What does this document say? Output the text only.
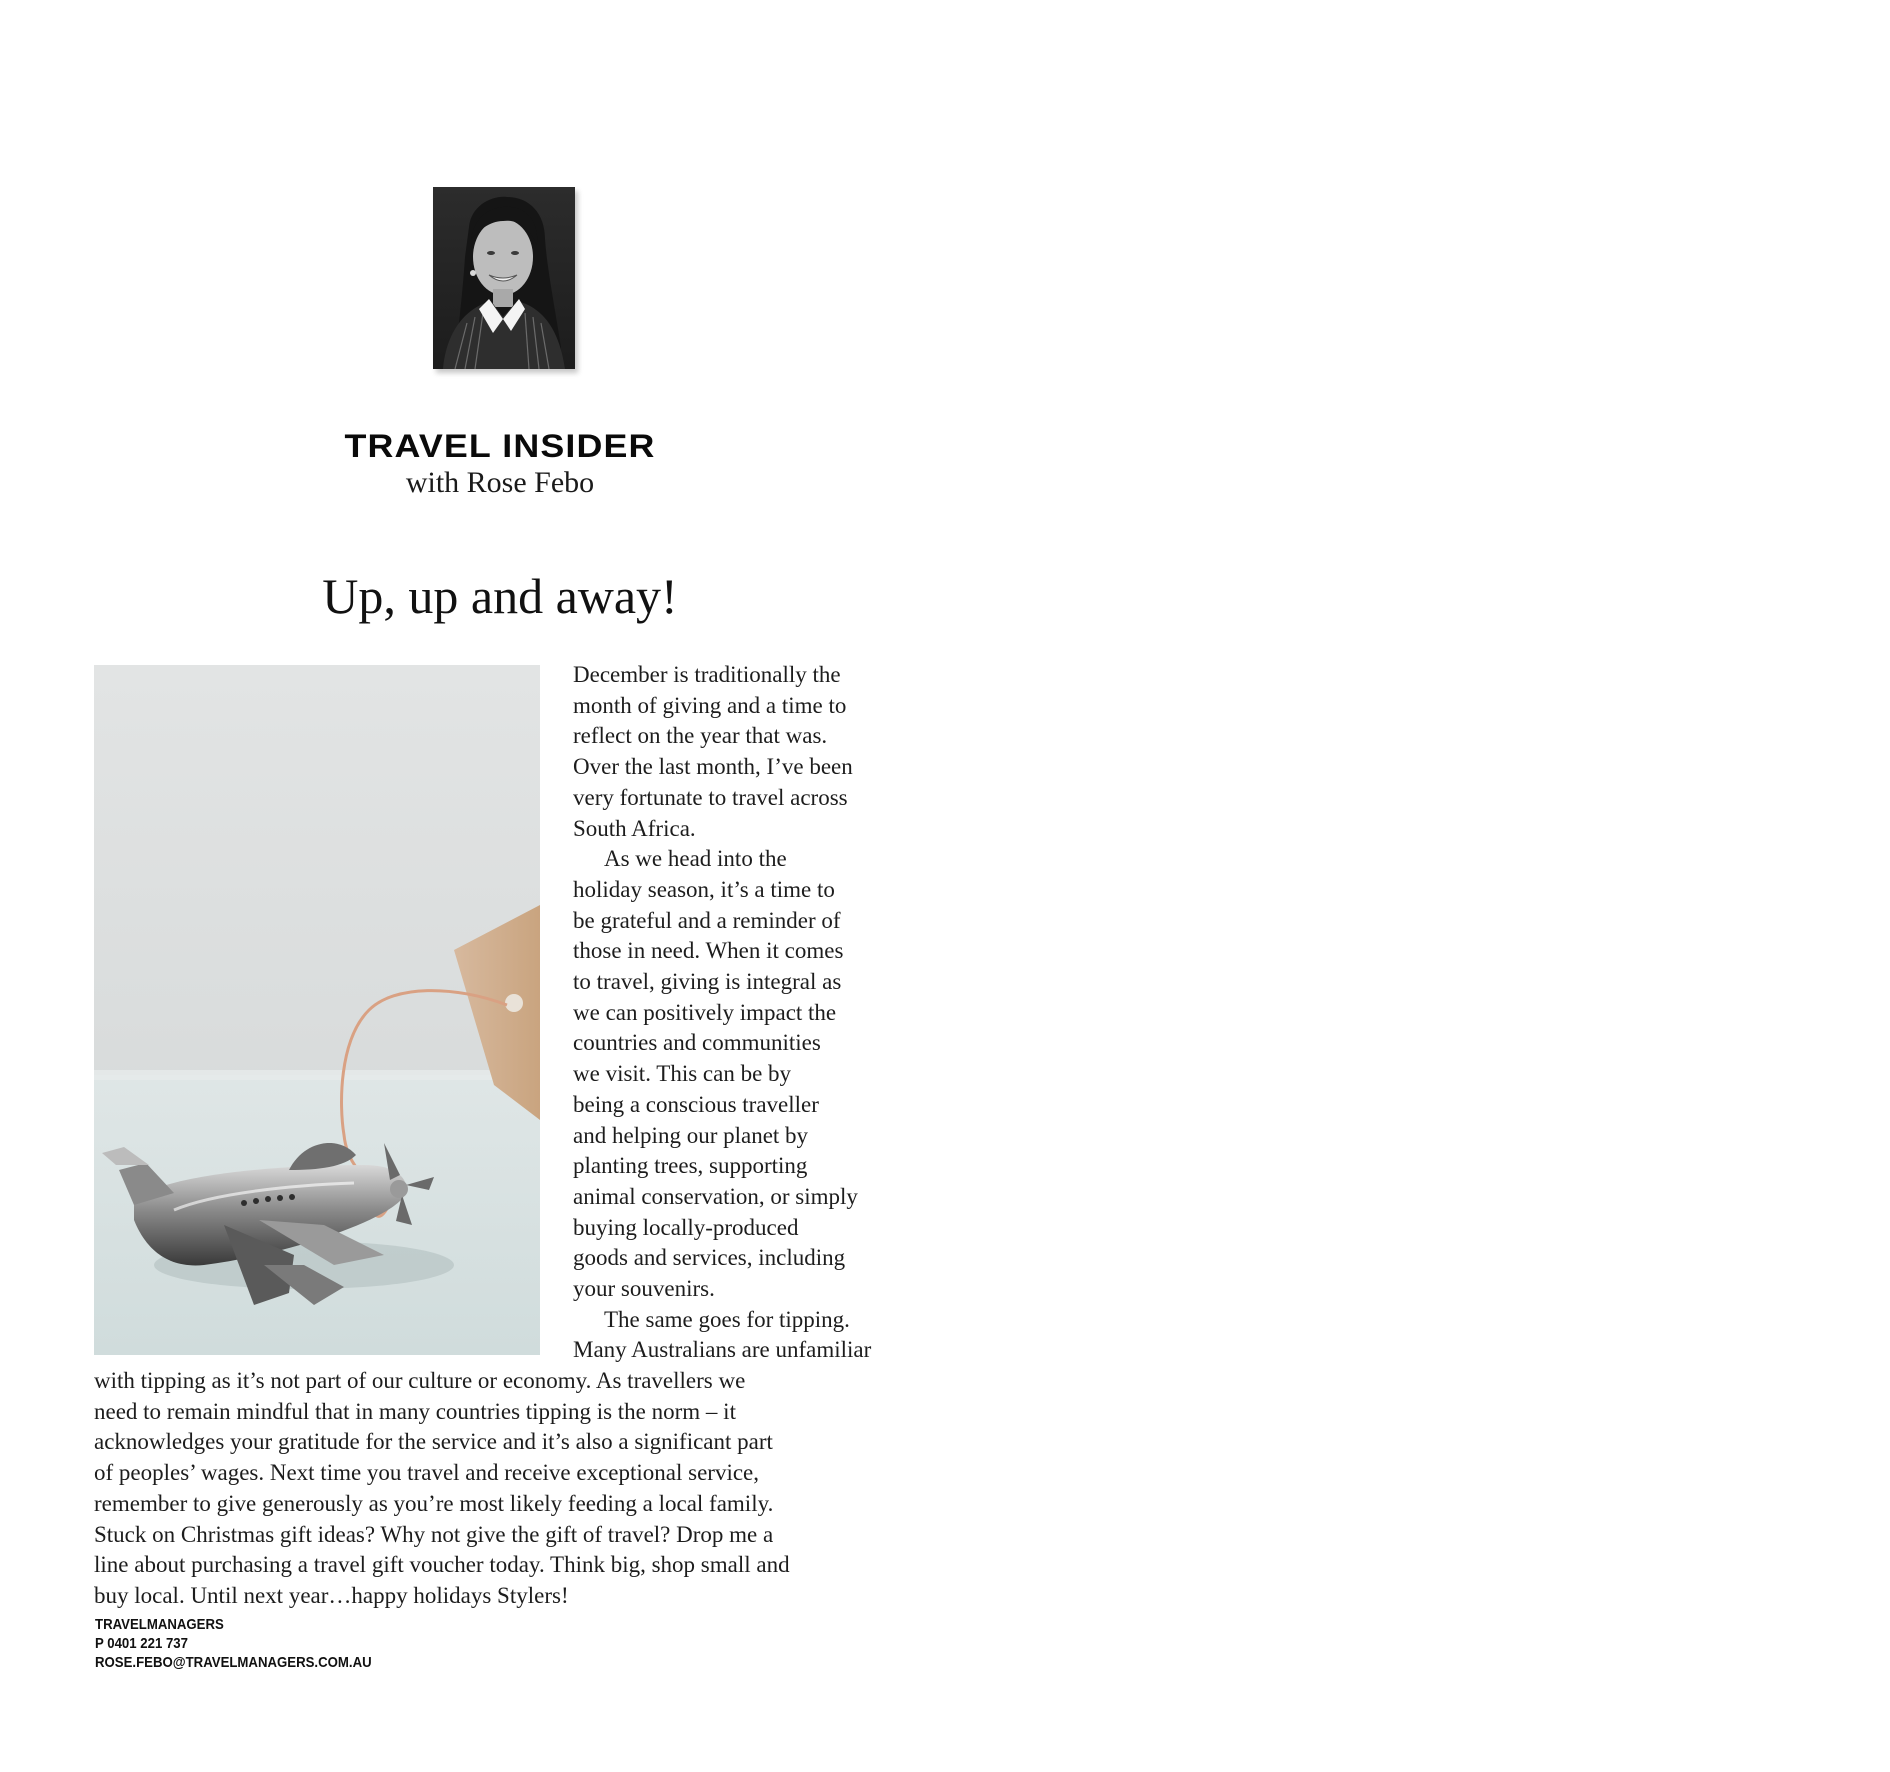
TRAVEL INSIDER
with Rose Febo
Up, up and away!
December is traditionally the
month of giving and a time to
reflect on the year that was.
Over the last month, I’ve been
very fortunate to travel across
South Africa.
As we head into the
holiday season, it’s a time to
be grateful and a reminder of
those in need. When it comes
to travel, giving is integral as
we can positively impact the
countries and communities
we visit. This can be by
being a conscious traveller
and helping our planet by
planting trees, supporting
animal conservation, or simply
buying locally-produced
goods and services, including
your souvenirs.
The same goes for tipping.
Many Australians are unfamiliar
with tipping as it’s not part of our culture or economy. As travellers we
need to remain mindful that in many countries tipping is the norm – it
acknowledges your gratitude for the service and it’s also a significant part
of peoples’ wages. Next time you travel and receive exceptional service,
remember to give generously as you’re most likely feeding a local family.
Stuck on Christmas gift ideas? Why not give the gift of travel? Drop me a
line about purchasing a travel gift voucher today. Think big, shop small and
buy local. Until next year…happy holidays Stylers!
TRAVELMANAGERS
P 0401 221 737
ROSE.FEBO@TRAVELMANAGERS.COM.AU
